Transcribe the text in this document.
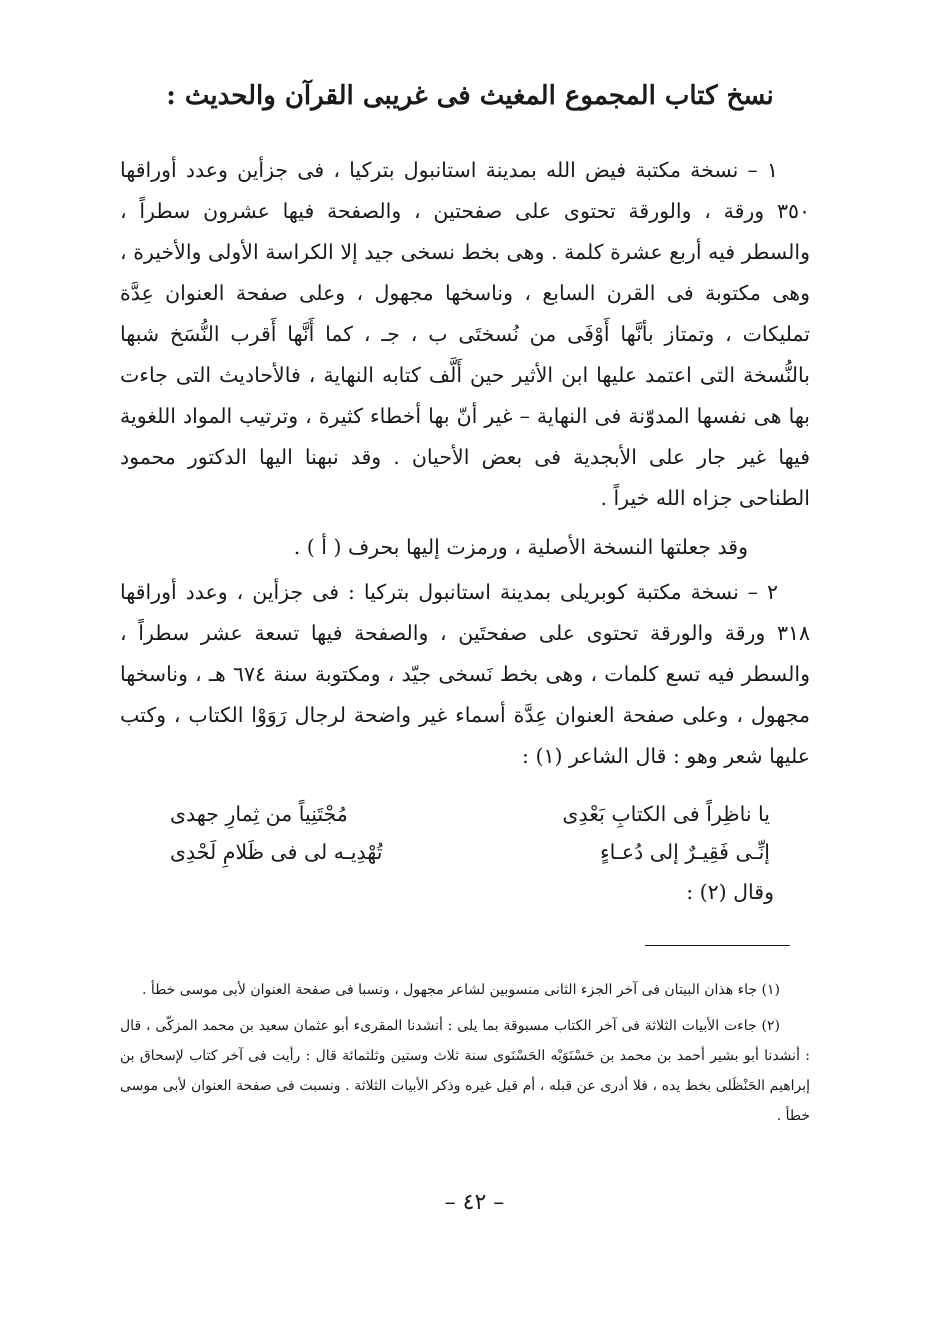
نسخ كتاب المجموع المغيث فى غريبى القرآن والحديث :

١ – نسخة مكتبة فيض الله بمدينة استانبول بتركيا ، فى جزأين وعدد أوراقها ٣٥٠ ورقة ، والورقة تحتوى على صفحتين ، والصفحة فيها عشرون سطراً ، والسطر فيه أربع عشرة كلمة . وهى بخط نسخى جيد إلا الكراسة الأولى والأخيرة ، وهى مكتوبة فى القرن السابع ، وناسخها مجهول ، وعلى صفحة العنوان عِدَّة تمليكات ، وتمتاز بأنَّها أَوْفَى من نُسختَى ب ، جـ ، كما أَنَّها أَقرب النُّسَخ شبها بالنُّسخة التى اعتمد عليها ابن الأثير حين أَلَّف كتابه النهاية ، فالأحاديث التى جاءت بها هى نفسها المدوّنة فى النهاية – غير أنّ بها أخطاء كثيرة ، وترتيب المواد اللغوية فيها غير جار على الأبجدية فى بعض الأحيان . وقد نبهنا اليها الدكتور محمود الطناحى جزاه الله خيراً .

وقد جعلتها النسخة الأصلية ، ورمزت إليها بحرف ( أ ) .

٢ – نسخة مكتبة كوبريلى بمدينة استانبول بتركيا : فى جزأين ، وعدد أوراقها ٣١٨ ورقة والورقة تحتوى على صفحتَين ، والصفحة فيها تسعة عشر سطراً ، والسطر فيه تسع كلمات ، وهى بخط نَسخى جيّد ، ومكتوبة سنة ٦٧٤ هـ ، وناسخها مجهول ، وعلى صفحة العنوان عِدَّة أسماء غير واضحة لرجال رَوَوْا الكتاب ، وكتب عليها شعر وهو : قال الشاعر (١) :

يا ناظِراً فى الكتابِ بَعْدِى
مُجْتَنِياً من ثِمارِ جهدى
إنِّـى فَقِيـرٌ إلى دُعـاءٍ
تُهْدِيـه لى فى ظَلامِ لَحْدِى
وقال (٢) :

(١) جاء هذان البيتان فى آخر الجزء الثانى منسوبين لشاعر مجهول ، ونسبا فى صفحة العنوان لأبى موسى خطأ .

(٢) جاءت الأبيات الثلاثة فى آخر الكتاب مسبوقة بما يلى : أنشدنا المقرىء أبو عثمان سعيد بن محمد المزكّى ، قال : أنشدنا أبو بشير أحمد بن محمد بن حَسْنَوَيْه الحَسْنَوى سنة ثلاث وستين وثلثمائة قال : رأيت فى آخر كتاب لإسحاق بن إبراهيم الحَنْظَلى بخط يده ، فلا أدرى عن قبله ، أم قيل غيره وذكر الأبيات الثلاثة . ونسبت فى صفحة العنوان لأبى موسى خطأ .

– ٤٢ –
